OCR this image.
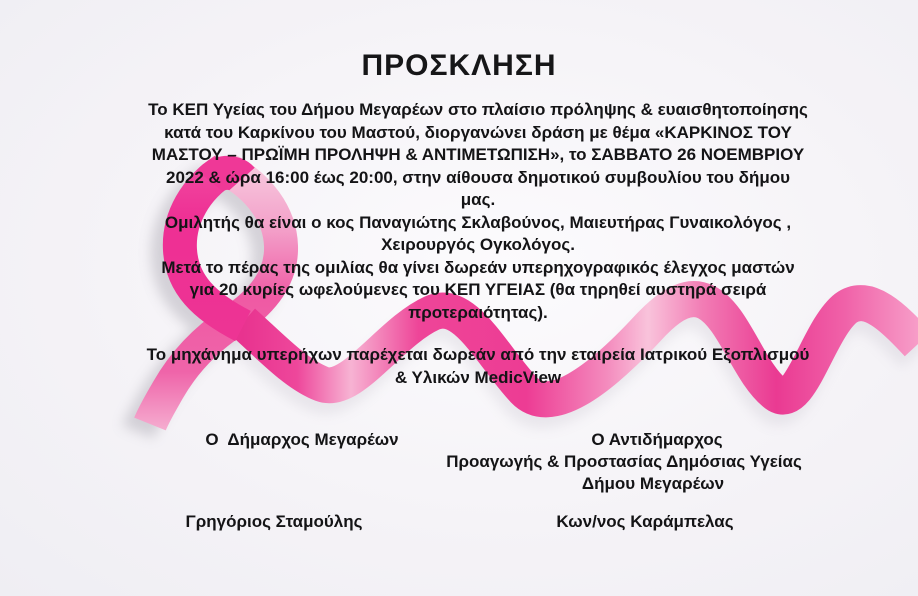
ΠΡΟΣΚΛΗΣΗ
Το ΚΕΠ Υγείας του Δήμου Μεγαρέων στο πλαίσιο πρόληψης & ευαισθητοποίησης
κατά του Καρκίνου του Μαστού, διοργανώνει δράση με θέμα «ΚΑΡΚΙΝΟΣ ΤΟΥ
ΜΑΣΤΟΥ – ΠΡΩΪΜΗ ΠΡΟΛΗΨΗ & ΑΝΤΙΜΕΤΩΠΙΣΗ», το ΣΑΒΒΑΤΟ 26 ΝΟΕΜΒΡΙΟΥ
2022 & ώρα 16:00 έως 20:00, στην αίθουσα δημοτικού συμβουλίου του δήμου
μας.
Ομιλητής θα είναι ο κος Παναγιώτης Σκλαβούνος, Μαιευτήρας Γυναικολόγος ,
Χειρουργός Ογκολόγος.
Μετά το πέρας της ομιλίας θα γίνει δωρεάν υπερηχογραφικός έλεγχος μαστών
για 20 κυρίες ωφελούμενες του ΚΕΠ ΥΓΕΙΑΣ (θα τηρηθεί αυστηρά σειρά
προτεραιότητας).
Το μηχάνημα υπερήχων παρέχεται δωρεάν από την εταιρεία Ιατρικού Εξοπλισμού
& Υλικών MedicView
Ο  Δήμαρχος Μεγαρέων	Ο Αντιδήμαρχος
Προαγωγής & Προστασίας Δημόσιας Υγείας
Δήμου Μεγαρέων
Γρηγόριος Σταμούλης	Κων/νος Καράμπελας
